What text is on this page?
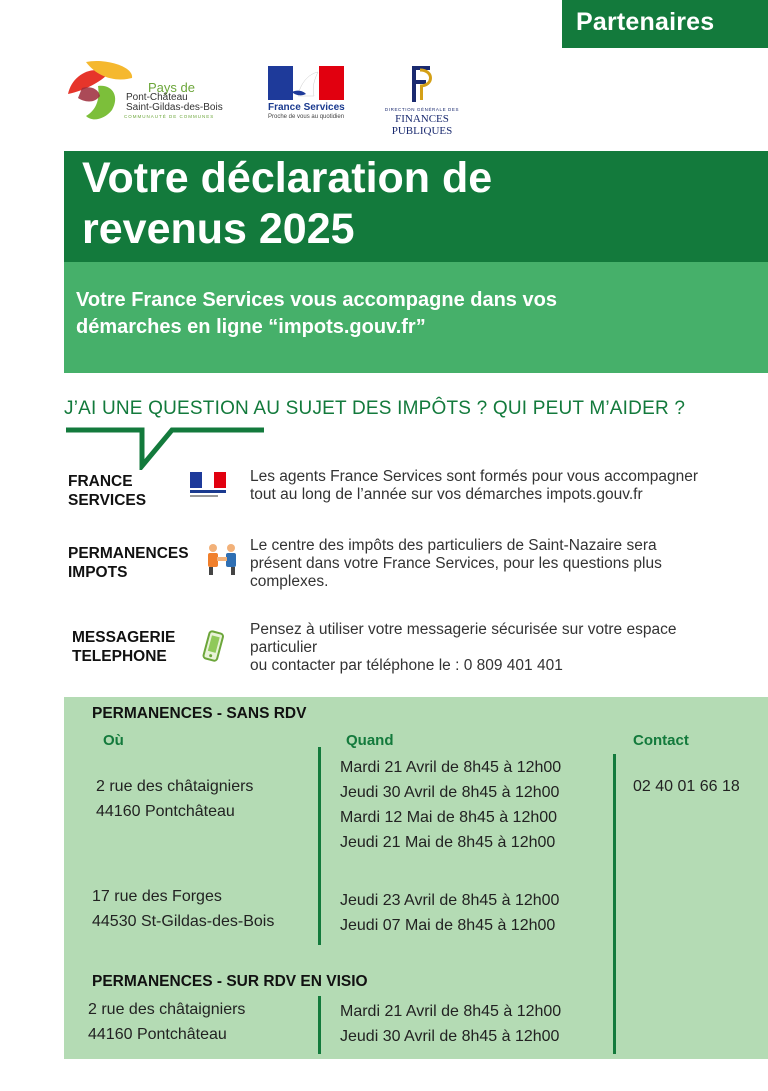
Partenaires
Pays de
Pont-Château
Saint-Gildas-des-Bois
COMMUNAUTÉ DE COMMUNES
France Services
Proche de vous au quotidien
DIRECTION GÉNÉRALE DES
FINANCES PUBLIQUES
Votre déclaration de
revenus 2025
Votre France Services vous accompagne dans vos
démarches en ligne “impots.gouv.fr”
J’AI UNE QUESTION AU SUJET DES IMPÔTS ? QUI PEUT M’AIDER ?
FRANCE
SERVICES
Les agents France Services sont formés pour vous accompagner
tout au long de l’année sur vos démarches impots.gouv.fr
PERMANENCES
IMPOTS
Le centre des impôts des particuliers de Saint-Nazaire sera
présent dans votre France Services, pour les questions plus
complexes.
MESSAGERIE
TELEPHONE
Pensez à utiliser votre messagerie sécurisée sur votre espace
particulier
ou contacter par téléphone le : 0 809 401 401
PERMANENCES - SANS RDV
Où	Quand	Contact
2 rue des châtaigniers
44160 Pontchâteau
Mardi 21 Avril de 8h45 à 12h00
Jeudi 30 Avril de 8h45 à 12h00
Mardi 12 Mai de 8h45 à 12h00
Jeudi 21 Mai de 8h45 à 12h00
02 40 01 66 18
17 rue des Forges
44530 St-Gildas-des-Bois
Jeudi 23 Avril de 8h45 à 12h00
Jeudi 07 Mai de 8h45 à 12h00
PERMANENCES - SUR RDV EN VISIO
2 rue des châtaigniers
44160 Pontchâteau
Mardi 21 Avril de 8h45 à 12h00
Jeudi 30 Avril de 8h45 à 12h00
